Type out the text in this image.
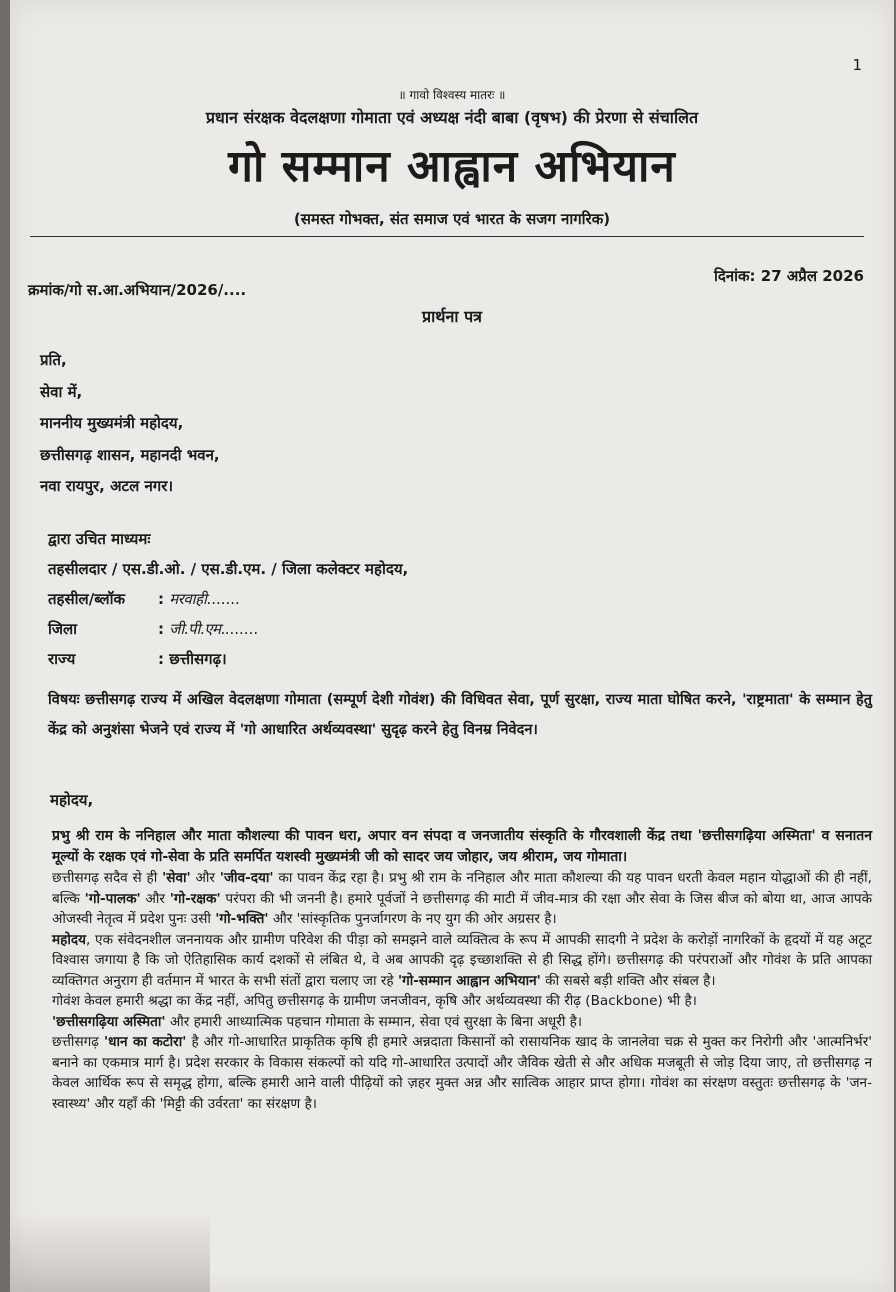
1
॥ गावो विश्वस्य मातरः ॥
प्रधान संरक्षक वेदलक्षणा गोमाता एवं अध्यक्ष नंदी बाबा (वृषभ) की प्रेरणा से संचालित
गो सम्मान आह्वान अभियान
(समस्त गोभक्त, संत समाज एवं भारत के सजग नागरिक)
क्रमांक/गो स.आ.अभियान/2026/....
दिनांक: 27 अप्रैल 2026
प्रार्थना पत्र
प्रति,
सेवा में,
माननीय मुख्यमंत्री महोदय,
छत्तीसगढ़ शासन, महानदी भवन,
नवा रायपुर, अटल नगर।
द्वारा उचित माध्यमः
तहसीलदार / एस.डी.ओ. / एस.डी.एम. / जिला कलेक्टर महोदय,
तहसील/ब्लॉक	: मरवाही.......
जिला	: जी.पी.एम........
राज्य	: छत्तीसगढ़।
विषयः छत्तीसगढ़ राज्य में अखिल वेदलक्षणा गोमाता (सम्पूर्ण देशी गोवंश) की विधिवत सेवा, पूर्ण सुरक्षा, राज्य माता घोषित करने, 'राष्ट्रमाता' के सम्मान हेतु केंद्र को अनुशंसा भेजने एवं राज्य में 'गो आधारित अर्थव्यवस्था' सुदृढ़ करने हेतु विनम्र निवेदन।
महोदय,

प्रभु श्री राम के ननिहाल और माता कौशल्या की पावन धरा, अपार वन संपदा व जनजातीय संस्कृति के गौरवशाली केंद्र तथा 'छत्तीसगढ़िया अस्मिता' व सनातन मूल्यों के रक्षक एवं गो-सेवा के प्रति समर्पित यशस्वी मुख्यमंत्री जी को सादर जय जोहार, जय श्रीराम, जय गोमाता।

छत्तीसगढ़ सदैव से ही 'सेवा' और 'जीव-दया' का पावन केंद्र रहा है। प्रभु श्री राम के ननिहाल और माता कौशल्या की यह पावन धरती केवल महान योद्धाओं की ही नहीं, बल्कि 'गो-पालक' और 'गो-रक्षक' परंपरा की भी जननी है। हमारे पूर्वजों ने छत्तीसगढ़ की माटी में जीव-मात्र की रक्षा और सेवा के जिस बीज को बोया था, आज आपके ओजस्वी नेतृत्व में प्रदेश पुनः उसी 'गो-भक्ति' और 'सांस्कृतिक पुनर्जागरण के नए युग की ओर अग्रसर है।

महोदय, एक संवेदनशील जननायक और ग्रामीण परिवेश की पीड़ा को समझने वाले व्यक्तित्व के रूप में आपकी सादगी ने प्रदेश के करोड़ों नागरिकों के हृदयों में यह अटूट विश्वास जगाया है कि जो ऐतिहासिक कार्य दशकों से लंबित थे, वे अब आपकी दृढ़ इच्छाशक्ति से ही सिद्ध होंगे। छत्तीसगढ़ की परंपराओं और गोवंश के प्रति आपका व्यक्तिगत अनुराग ही वर्तमान में भारत के सभी संतों द्वारा चलाए जा रहे 'गो-सम्मान आह्वान अभियान' की सबसे बड़ी शक्ति और संबल है।

गोवंश केवल हमारी श्रद्धा का केंद्र नहीं, अपितु छत्तीसगढ़ के ग्रामीण जनजीवन, कृषि और अर्थव्यवस्था की रीढ़ (Backbone) भी है।

'छत्तीसगढ़िया अस्मिता' और हमारी आध्यात्मिक पहचान गोमाता के सम्मान, सेवा एवं सुरक्षा के बिना अधूरी है।

छत्तीसगढ़ 'धान का कटोरा' है और गो-आधारित प्राकृतिक कृषि ही हमारे अन्नदाता किसानों को रासायनिक खाद के जानलेवा चक्र से मुक्त कर निरोगी और 'आत्मनिर्भर' बनाने का एकमात्र मार्ग है। प्रदेश सरकार के विकास संकल्पों को यदि गो-आधारित उत्पादों और जैविक खेती से और अधिक मजबूती से जोड़ दिया जाए, तो छत्तीसगढ़ न केवल आर्थिक रूप से समृद्ध होगा, बल्कि हमारी आने वाली पीढ़ियों को ज़हर मुक्त अन्न और सात्विक आहार प्राप्त होगा। गोवंश का संरक्षण वस्तुतः छत्तीसगढ़ के 'जन-स्वास्थ्य' और यहाँ की 'मिट्टी की उर्वरता' का संरक्षण है।
